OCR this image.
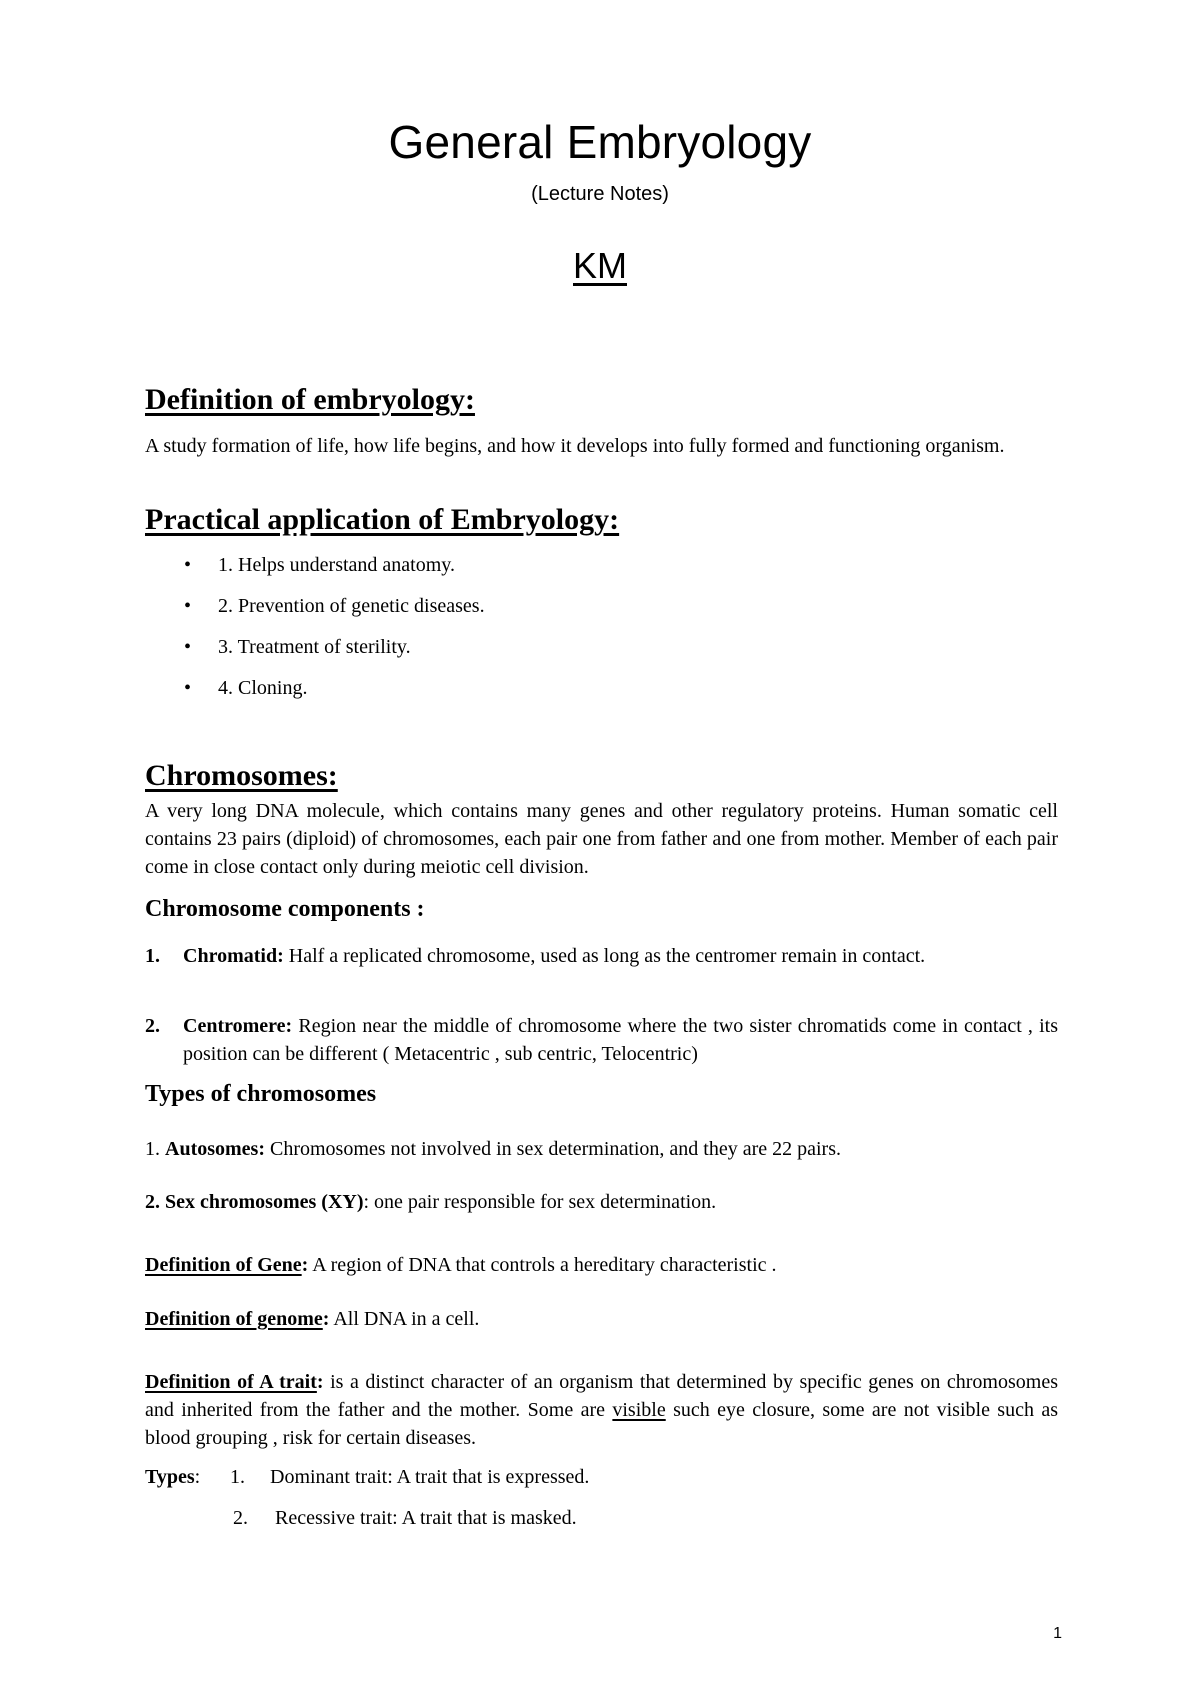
General Embryology
(Lecture Notes)
KM
Definition of embryology:
A study formation of life, how life begins, and how it develops into fully formed and functioning organism.
Practical application of Embryology:
• 1. Helps understand anatomy.
• 2. Prevention of genetic diseases.
• 3. Treatment of sterility.
• 4. Cloning.
Chromosomes:
A very long DNA molecule, which contains many genes and other regulatory proteins. Human somatic cell contains 23 pairs (diploid) of chromosomes, each pair one from father and one from mother. Member of each pair come in close contact only during meiotic cell division.
Chromosome components :
1. Chromatid: Half a replicated chromosome, used as long as the centromer remain in contact.
2. Centromere: Region near the middle of chromosome where the two sister chromatids come in contact , its position can be different ( Metacentric , sub centric, Telocentric)
Types of chromosomes
1. Autosomes: Chromosomes not involved in sex determination, and they are 22 pairs.
2. Sex chromosomes (XY): one pair responsible for sex determination.
Definition of Gene: A region of DNA that controls a hereditary characteristic .
Definition of genome: All DNA in a cell.
Definition of A trait: is a distinct character of an organism that determined by specific genes on chromosomes and inherited from the father and the mother. Some are visible such eye closure, some are not visible such as blood grouping , risk for certain diseases.
Types: 1. Dominant trait: A trait that is expressed.
2. Recessive trait: A trait that is masked.
1
